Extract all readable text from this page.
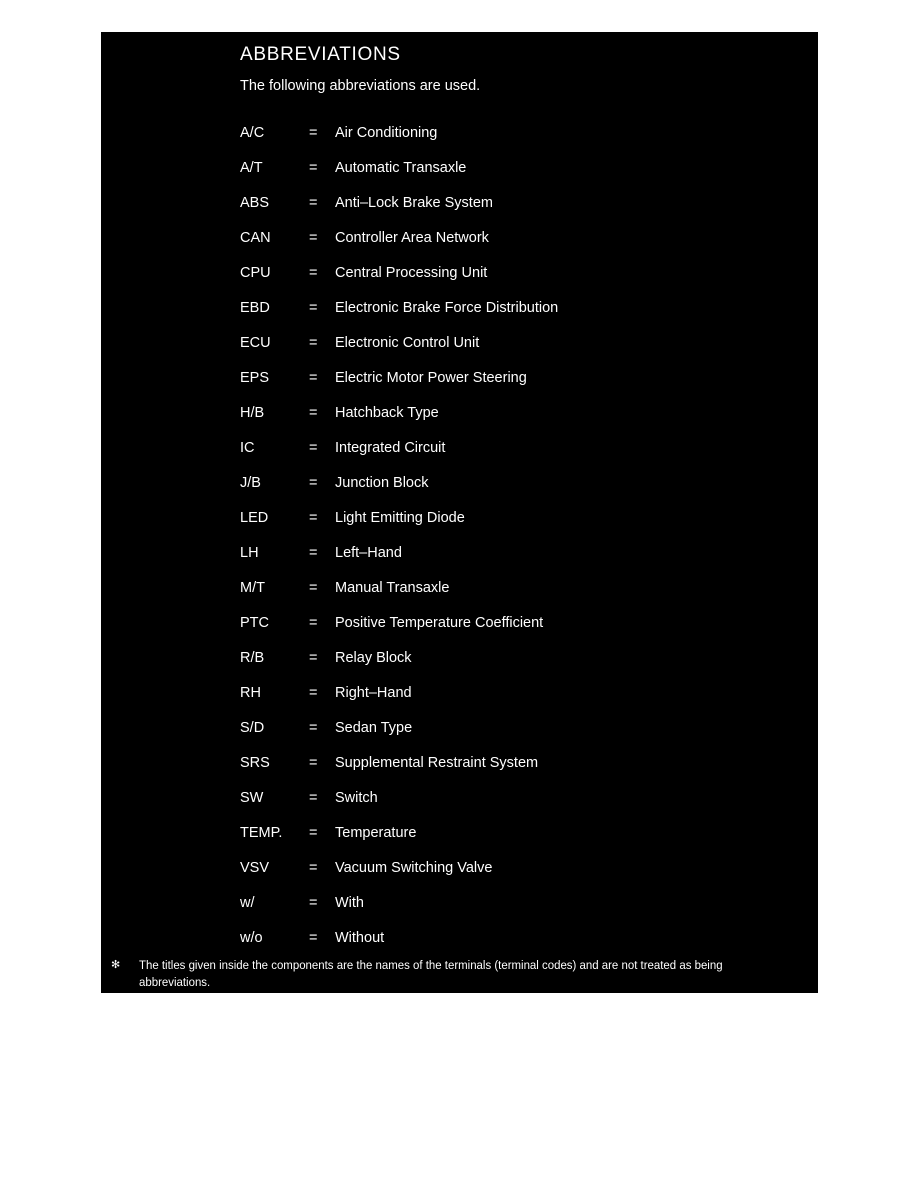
ABBREVIATIONS

The following abbreviations are used.

A/C	=	Air Conditioning
A/T	=	Automatic Transaxle
ABS	=	Anti–Lock Brake System
CAN	=	Controller Area Network
CPU	=	Central Processing Unit
EBD	=	Electronic Brake Force Distribution
ECU	=	Electronic Control Unit
EPS	=	Electric Motor Power Steering
H/B	=	Hatchback Type
IC	=	Integrated Circuit
J/B	=	Junction Block
LED	=	Light Emitting Diode
LH	=	Left–Hand
M/T	=	Manual Transaxle
PTC	=	Positive Temperature Coefficient
R/B	=	Relay Block
RH	=	Right–Hand
S/D	=	Sedan Type
SRS	=	Supplemental Restraint System
SW	=	Switch
TEMP.	=	Temperature
VSV	=	Vacuum Switching Valve
w/	=	With
w/o	=	Without
✻	The titles given inside the components are the names of the terminals (terminal codes) and are not treated as being abbreviations.
